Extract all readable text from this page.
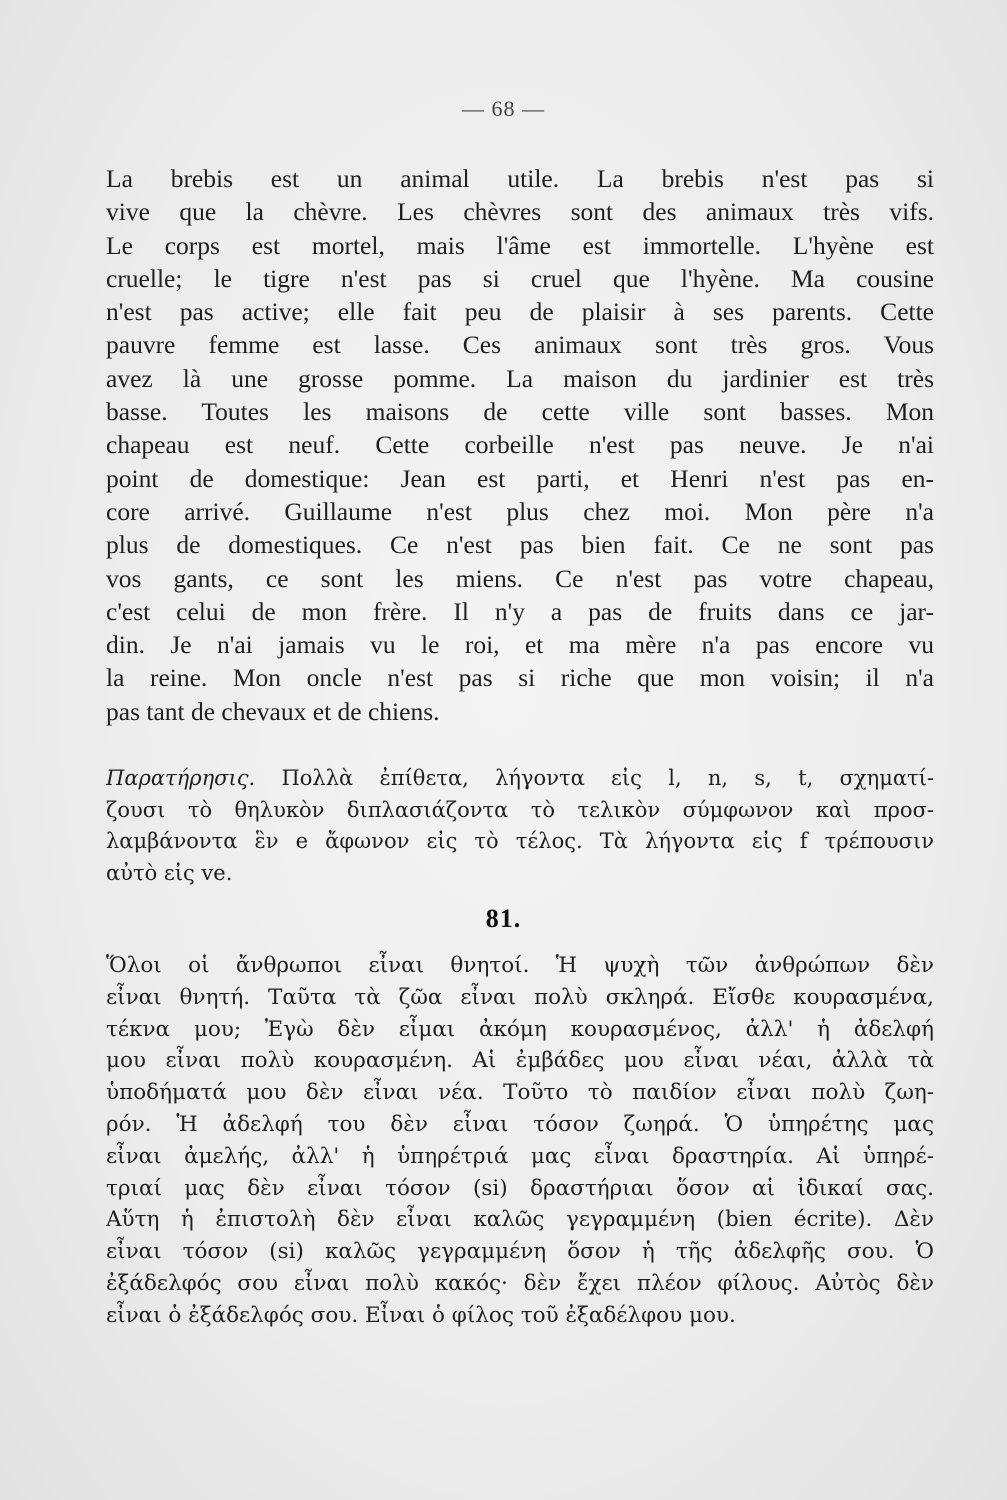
— 68 —
La brebis est un animal utile. La brebis n'est pas si
vive que la chèvre. Les chèvres sont des animaux très vifs.
Le corps est mortel, mais l'âme est immortelle. L'hyène est
cruelle; le tigre n'est pas si cruel que l'hyène. Ma cousine
n'est pas active; elle fait peu de plaisir à ses parents. Cette
pauvre femme est lasse. Ces animaux sont très gros. Vous
avez là une grosse pomme. La maison du jardinier est très
basse. Toutes les maisons de cette ville sont basses. Mon
chapeau est neuf. Cette corbeille n'est pas neuve. Je n'ai
point de domestique: Jean est parti, et Henri n'est pas en-
core arrivé. Guillaume n'est plus chez moi. Mon père n'a
plus de domestiques. Ce n'est pas bien fait. Ce ne sont pas
vos gants, ce sont les miens. Ce n'est pas votre chapeau,
c'est celui de mon frère. Il n'y a pas de fruits dans ce jar-
din. Je n'ai jamais vu le roi, et ma mère n'a pas encore vu
la reine. Mon oncle n'est pas si riche que mon voisin; il n'a
pas tant de chevaux et de chiens.
Παρατήρησις. Πολλὰ ἐπίθετα, λήγοντα εἰς l, n, s, t, σχηματί-
ζουσι τὸ θηλυκὸν διπλασιάζοντα τὸ τελικὸν σύμφωνον καὶ προσ-
λαμβάνοντα ἓν e ἄφωνον εἰς τὸ τέλος. Τὰ λήγοντα εἰς f τρέπουσιν
αὐτὸ εἰς ve.
81.
Ὅλοι οἱ ἄνθρωποι εἶναι θνητοί. Ἡ ψυχὴ τῶν ἀνθρώπων δὲν
εἶναι θνητή. Ταῦτα τὰ ζῶα εἶναι πολὺ σκληρά. Εἴσθε κουρασμένα,
τέκνα μου; Ἐγὼ δὲν εἶμαι ἀκόμη κουρασμένος, ἀλλ' ἡ ἀδελφή
μου εἶναι πολὺ κουρασμένη. Αἱ ἐμβάδες μου εἶναι νέαι, ἀλλὰ τὰ
ὑποδήματά μου δὲν εἶναι νέα. Τοῦτο τὸ παιδίον εἶναι πολὺ ζωη-
ρόν. Ἡ ἀδελφή του δὲν εἶναι τόσον ζωηρά. Ὁ ὑπηρέτης μας
εἶναι ἀμελής, ἀλλ' ἡ ὑπηρέτριά μας εἶναι δραστηρία. Αἱ ὑπηρέ-
τριαί μας δὲν εἶναι τόσον (si) δραστήριαι ὅσον αἱ ἰδικαί σας.
Αὕτη ἡ ἐπιστολὴ δὲν εἶναι καλῶς γεγραμμένη (bien écrite). Δὲν
εἶναι τόσον (si) καλῶς γεγραμμένη ὅσον ἡ τῆς ἀδελφῆς σου. Ὁ
ἐξάδελφός σου εἶναι πολὺ κακός· δὲν ἔχει πλέον φίλους. Αὐτὸς δὲν
εἶναι ὁ ἐξάδελφός σου. Εἶναι ὁ φίλος τοῦ ἐξαδέλφου μου.
